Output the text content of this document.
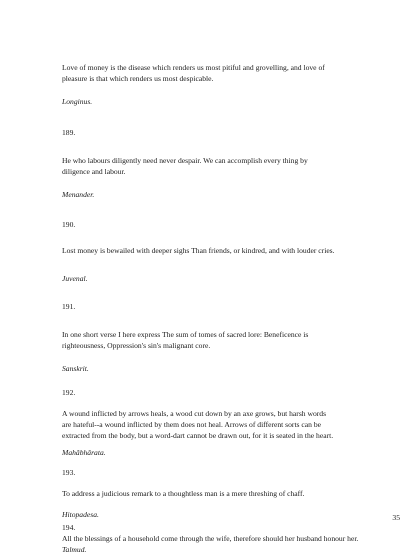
Love of money is the disease which renders us most pitiful and grovelling, and love of
pleasure is that which renders us most despicable.
Longinus.
189.
He who labours diligently need never despair. We can accomplish every thing by
diligence and labour.
Menander.
190.
Lost money is bewailed with deeper sighs Than friends, or kindred, and with louder cries.
Juvenal.
191.
In one short verse I here express The sum of tomes of sacred lore: Beneficence is
righteousness, Oppression's sin's malignant core.
Sanskrit.
192.
A wound inflicted by arrows heals, a wood cut down by an axe grows, but harsh words
are hateful--a wound inflicted by them does not heal. Arrows of different sorts can be
extracted from the body, but a word-dart cannot be drawn out, for it is seated in the heart.
Mahâbhârata.
193.
To address a judicious remark to a thoughtless man is a mere threshing of chaff.
Hitopadesa.
194.
All the blessings of a household come through the wife, therefore should her husband honour her. Talmud.
35
